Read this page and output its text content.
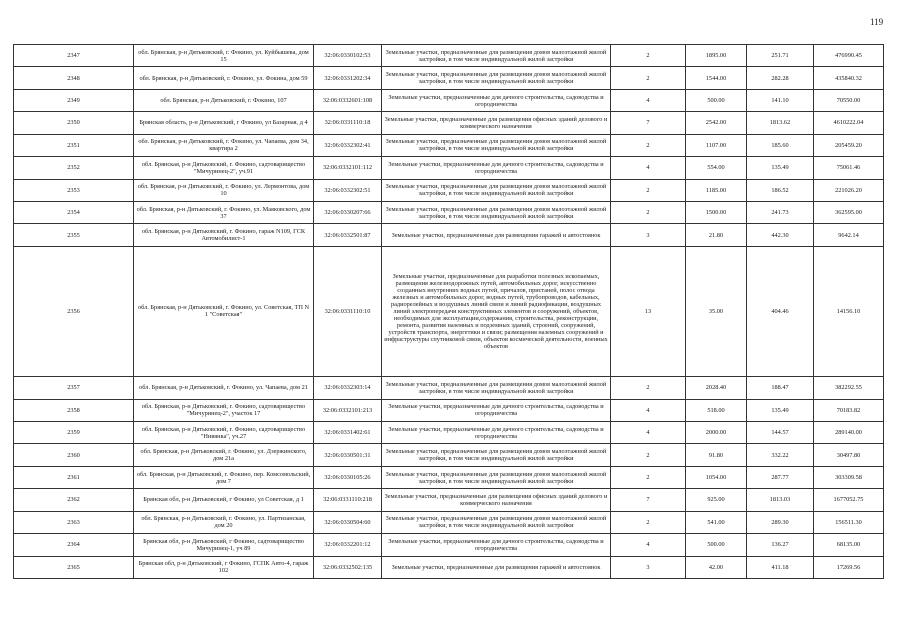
119
2347	обл. Брянская, р-н Дятьковский, г. Фокино, ул. Куйбышева, дом 15	32:06:0330102:53	Земельные участки, предназначенные для размещения домов малоэтажной жилой застройки, в том числе индивидуальной жилой застройки	2	1895.00	251.71	476990.45
2348	обл. Брянская, р-н Дятьковский, г. Фокино, ул. Фокина, дом 59	32:06:0331202:34	Земельные участки, предназначенные для размещения домов малоэтажной жилой застройки, в том числе индивидуальной жилой застройки	2	1544.00	282.28	435840.32
2349	обл. Брянская, р-н Дятьковский, г. Фокино, 107	32:06:0332601:108	Земельные участки, предназначенные для дачного строительства, садоводства и огородничества	4	500.00	141.10	70550.00
2350	Брянская область, р-н Дятьковский, г Фокино, ул Базарная, д 4	32:06:0331110:18	Земельные участки, предназначенные для размещения офисных зданий делового и коммерческого назначения	7	2542.00	1813.62	4610222.04
2351	обл. Брянская, р-н Дятьковский, г. Фокино, ул. Чапаева, дом 34, квартира 2	32:06:0332302:41	Земельные участки, предназначенные для размещения домов малоэтажной жилой застройки, в том числе индивидуальной жилой застройки	2	1107.00	185.60	205459.20
2352	обл. Брянская, р-н Дятьковский, г. Фокино, садтоварищество "Мичуринец-2", уч.91	32:06:0332101:112	Земельные участки, предназначенные для дачного строительства, садоводства и огородничества	4	554.00	135.49	75061.46
2353	обл. Брянская, р-н Дятьковский, г. Фокино, ул. Лермонтова, дом 10	32:06:0332302:51	Земельные участки, предназначенные для размещения домов малоэтажной жилой застройки, в том числе индивидуальной жилой застройки	2	1185.00	186.52	221026.20
2354	обл. Брянская, р-н Дятьковский, г. Фокино, ул. Маяковского, дом 37	32:06:0330207:66	Земельные участки, предназначенные для размещения домов малоэтажной жилой застройки, в том числе индивидуальной жилой застройки	2	1500.00	241.73	362595.00
2355	обл. Брянская, р-н Дятьковский, г. Фокино, гараж N109, ГСК Автомобилист-1	32:06:0332501:87	Земельные участки, предназначенные для размещения гаражей и автостоянок	3	21.80	442.30	9642.14
2356	обл. Брянская, р-н Дятьковский, г. Фокино, ул. Советская, ТП N 1 "Советская"	32:06:0331110:10	Земельные участки, предназначенные для разработки полезных ископаемых, размещения железнодорожных путей, автомобильных дорог, искусственно созданных внутренних водных путей, причалов, пристаней, полос отвода железных и автомобильных дорог, водных путей, трубопроводов, кабельных, радиорелейных и воздушных линий связи и линий радиофикации, воздушных линий электропередачи конструктивных элементов и сооружений, объектов, необходимых для эксплуатации,содержания, строительства, реконструкции, ремонта, развития наземных и подземных зданий, строений, сооружений, устройств транспорта, энергетики и связи; размещения наземных сооружений и инфраструктуры спутниковой связи, объектов космической деятельности, военных объектов	13	35.00	404.46	14156.10
2357	обл. Брянская, р-н Дятьковский, г. Фокино, ул. Чапаева, дом 21	32:06:0332303:14	Земельные участки, предназначенные для размещения домов малоэтажной жилой застройки, в том числе индивидуальной жилой застройки	2	2028.40	188.47	382292.55
2358	обл. Брянская, р-н Дятьковский, г. Фокино, садтоварищество "Мичуринец-2", участок 17	32:06:0332101:213	Земельные участки, предназначенные для дачного строительства, садоводства и огородничества	4	518.00	135.49	70183.82
2359	обл. Брянская, р-н Дятьковский, г. Фокино, садтоварищество "Нивянка", уч.27	32:06:0331402:61	Земельные участки, предназначенные для дачного строительства, садоводства и огородничества	4	2000.00	144.57	289140.00
2360	обл. Брянская, р-н Дятьковский, г. Фокино, ул. Дзержинского, дом 21а	32:06:0330501:31	Земельные участки, предназначенные для размещения домов малоэтажной жилой застройки, в том числе индивидуальной жилой застройки	2	91.80	332.22	30497.80
2361	обл. Брянская, р-н Дятьковский, г. Фокино, пер. Комсомольский, дом 7	32:06:0330105:26	Земельные участки, предназначенные для размещения домов малоэтажной жилой застройки, в том числе индивидуальной жилой застройки	2	1054.00	287.77	303309.58
2362	Брянская обл, р-н Дятьковский, г Фокино, ул Советская, д 1	32:06:0331110:218	Земельные участки, предназначенные для размещения офисных зданий делового и коммерческого назначения	7	925.00	1813.03	1677052.75
2363	обл. Брянская, р-н Дятьковский, г. Фокино, ул. Партизанская, дом 20	32:06:0330504:60	Земельные участки, предназначенные для размещения домов малоэтажной жилой застройки, в том числе индивидуальной жилой застройки	2	541.00	289.30	156511.30
2364	Брянская обл, р-н Дятьковский, г Фокино, садтоварищество Мичуринец-1, уч 89	32:06:0332201:12	Земельные участки, предназначенные для дачного строительства, садоводства и огородничества	4	500.00	136.27	68135.00
2365	Брянская обл, р-н Дятьковский, г Фокино, ГСПК Авто-4, гараж 102	32:06:0332502:135	Земельные участки, предназначенные для размещения гаражей и автостоянок	3	42.00	411.18	17269.56
